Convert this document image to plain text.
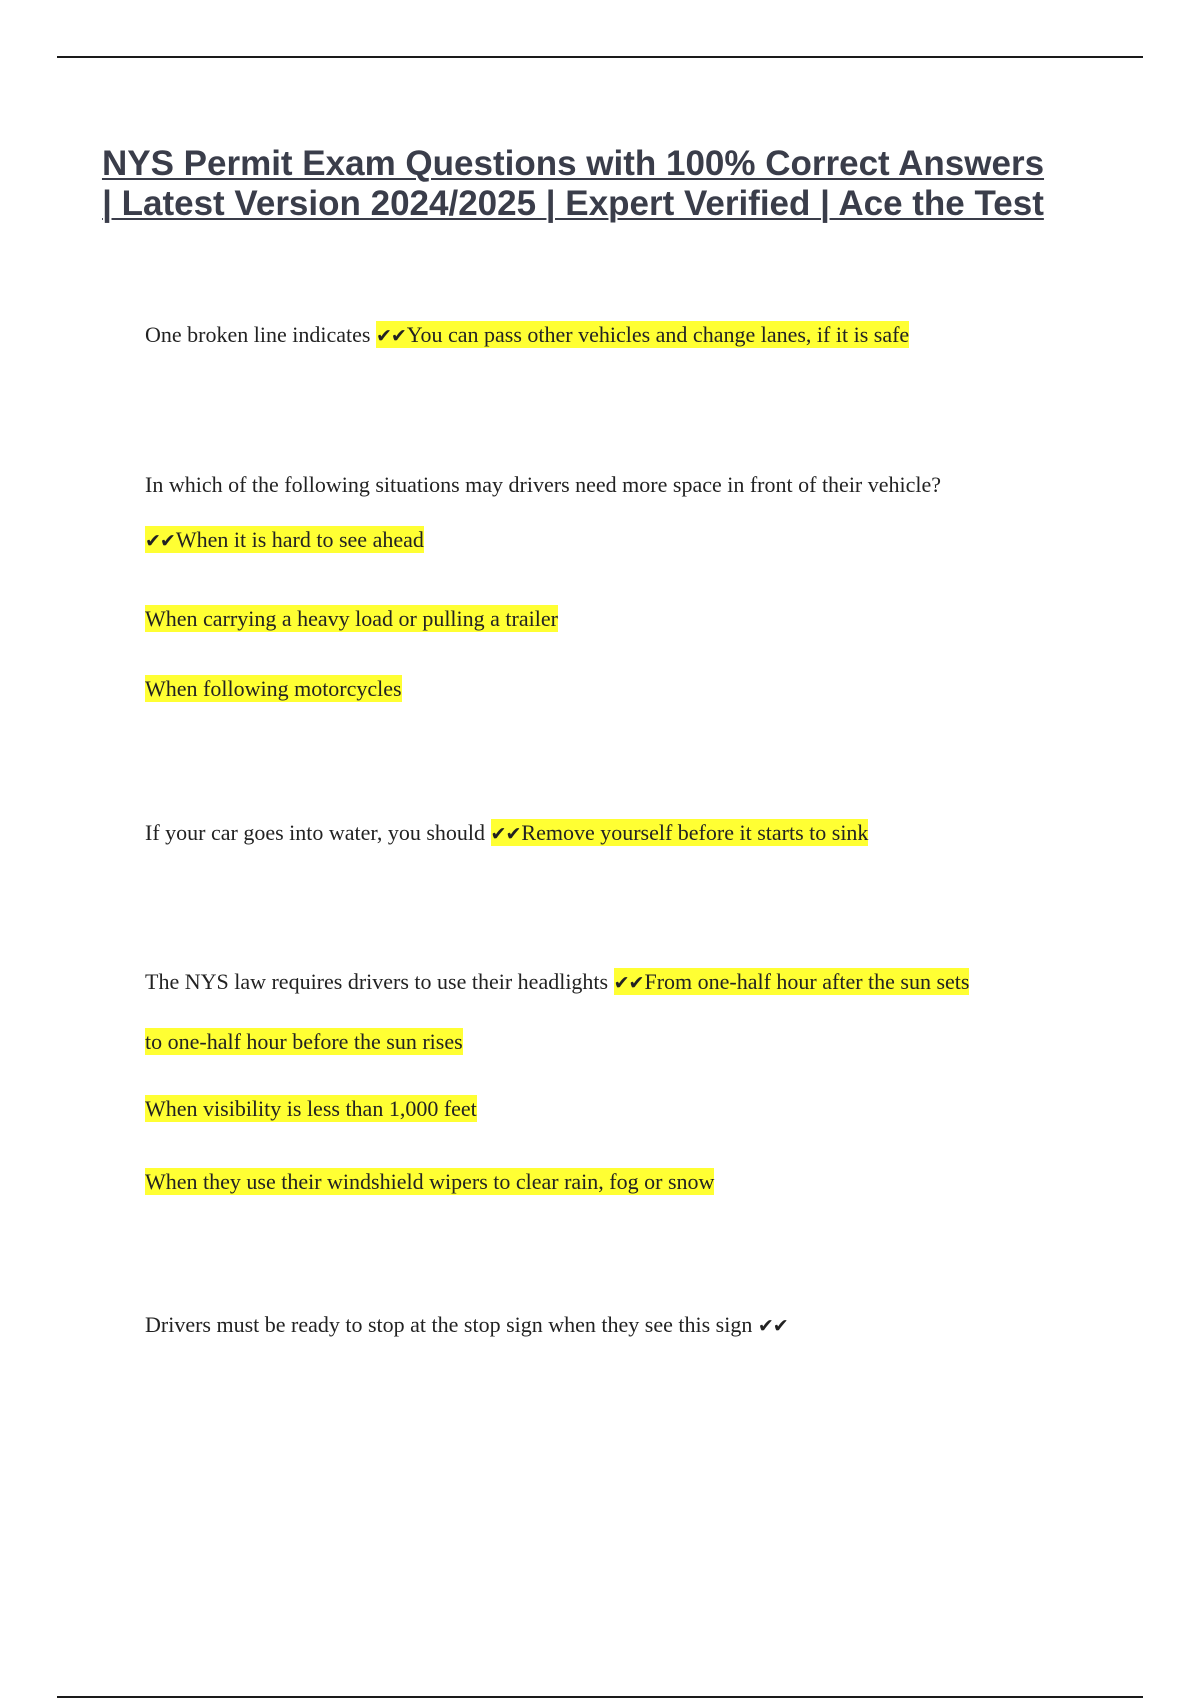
NYS Permit Exam Questions with 100% Correct Answers | Latest Version 2024/2025 | Expert Verified | Ace the Test
One broken line indicates ✔✔You can pass other vehicles and change lanes, if it is safe
In which of the following situations may drivers need more space in front of their vehicle?
✔✔When it is hard to see ahead
When carrying a heavy load or pulling a trailer
When following motorcycles
If your car goes into water, you should ✔✔Remove yourself before it starts to sink
The NYS law requires drivers to use their headlights ✔✔From one-half hour after the sun sets
to one-half hour before the sun rises
When visibility is less than 1,000 feet
When they use their windshield wipers to clear rain, fog or snow
Drivers must be ready to stop at the stop sign when they see this sign ✔✔
